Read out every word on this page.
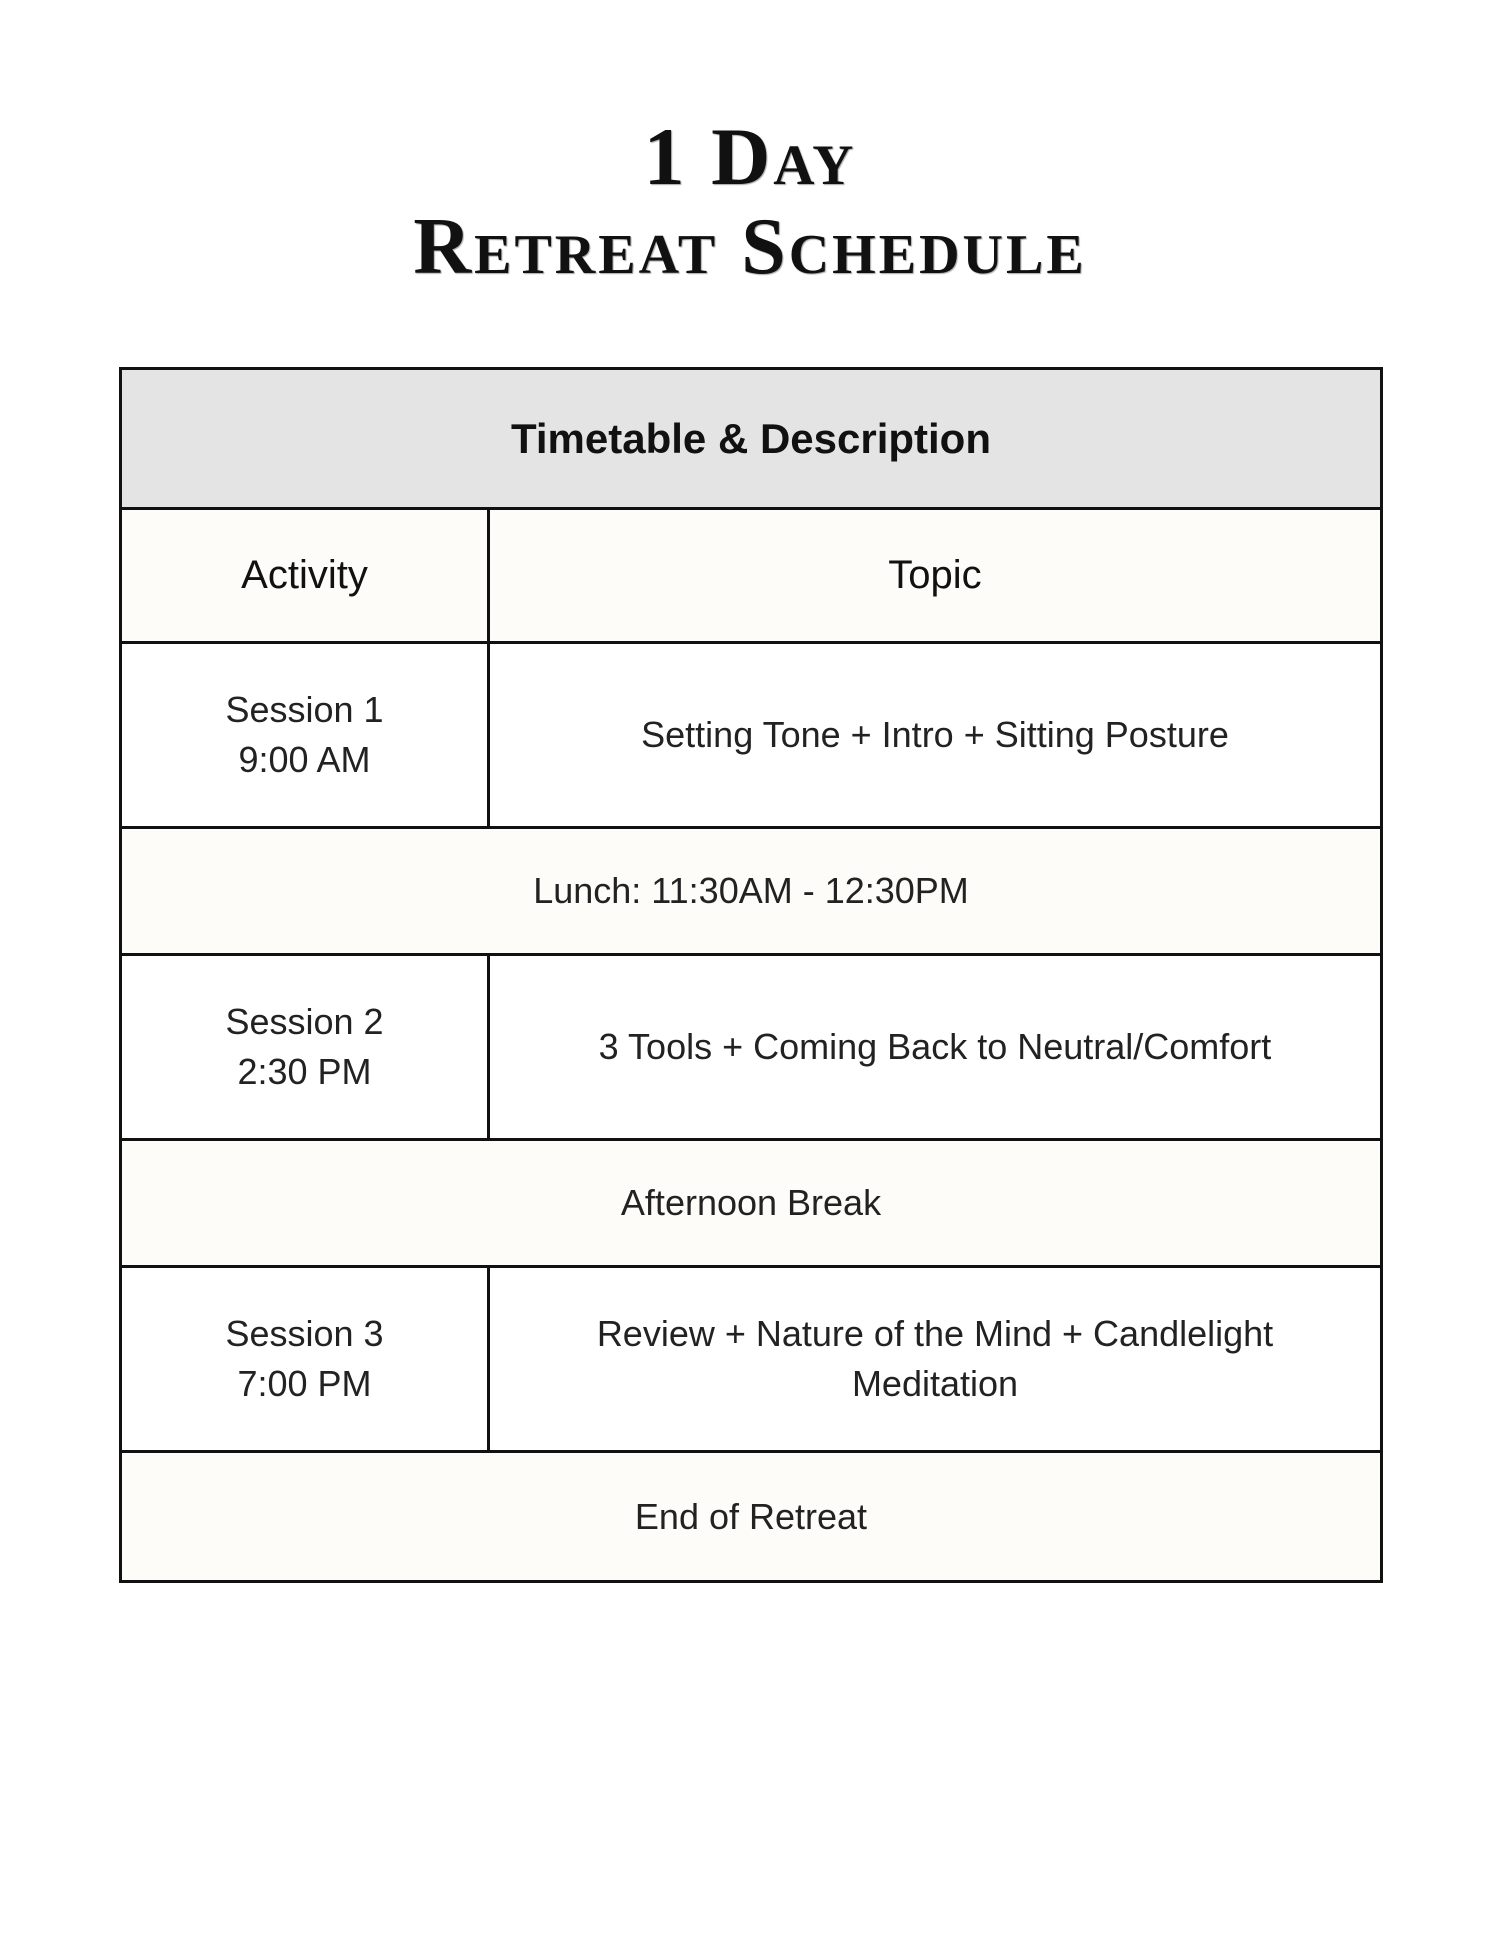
1 Day
Retreat Schedule
Timetable & Description
Activity	Topic
Session 1
9:00 AM
Setting Tone + Intro + Sitting Posture
Lunch: 11:30AM - 12:30PM
Session 2
2:30 PM
3 Tools + Coming Back to Neutral/Comfort
Afternoon Break
Session 3
7:00 PM
Review + Nature of the Mind + Candlelight Meditation
End of Retreat
